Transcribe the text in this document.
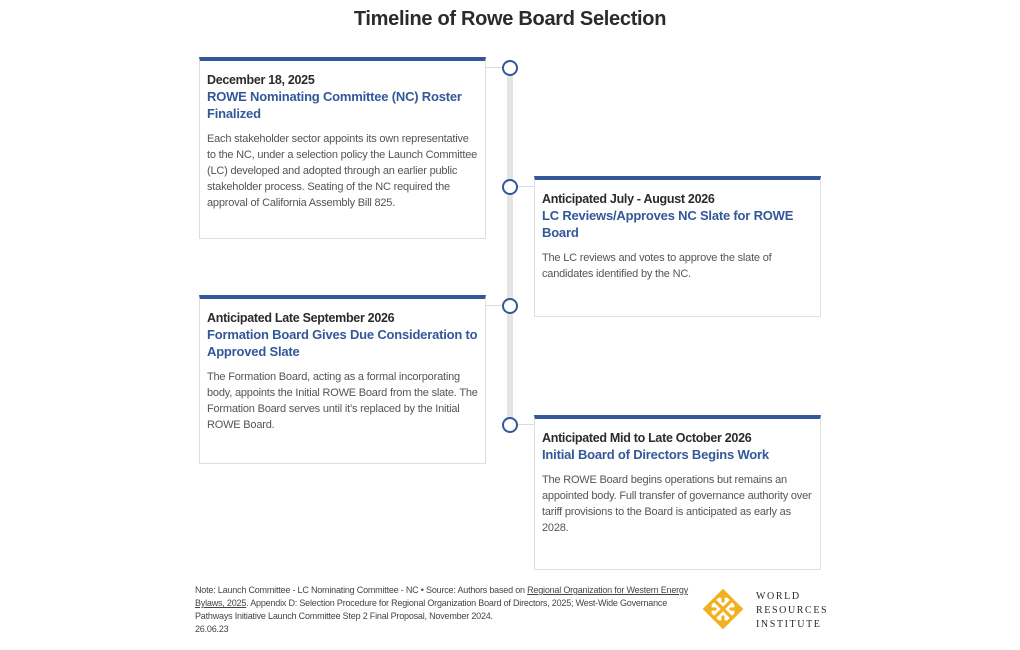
Timeline of Rowe Board Selection
December 18, 2025
ROWE Nominating Committee (NC) Roster Finalized
Each stakeholder sector appoints its own representative to the NC, under a selection policy the Launch Committee (LC) developed and adopted through an earlier public stakeholder process. Seating of the NC required the approval of California Assembly Bill 825.	Anticipated July - August 2026
LC Reviews/Approves NC Slate for ROWE Board
The LC reviews and votes to approve the slate of candidates identified by the NC.
Anticipated Late September 2026
Formation Board Gives Due Consideration to Approved Slate
The Formation Board, acting as a formal incorporating body, appoints the Initial ROWE Board from the slate. The Formation Board serves until it’s replaced by the Initial ROWE Board.
Anticipated Mid to Late October 2026
Initial Board of Directors Begins Work
The ROWE Board begins operations but remains an appointed body. Full transfer of governance authority over tariff provisions to the Board is anticipated as early as 2028.
Note: Launch Committee - LC Nominating Committee - NC • Source: Authors based on Regional Organization for Western Energy Bylaws, 2025. Appendix D: Selection Procedure for Regional Organization Board of Directors, 2025; West-Wide Governance Pathways Initiative Launch Committee Step 2 Final Proposal, November 2024.
26.06.23
WORLD
RESOURCES
INSTITUTE
